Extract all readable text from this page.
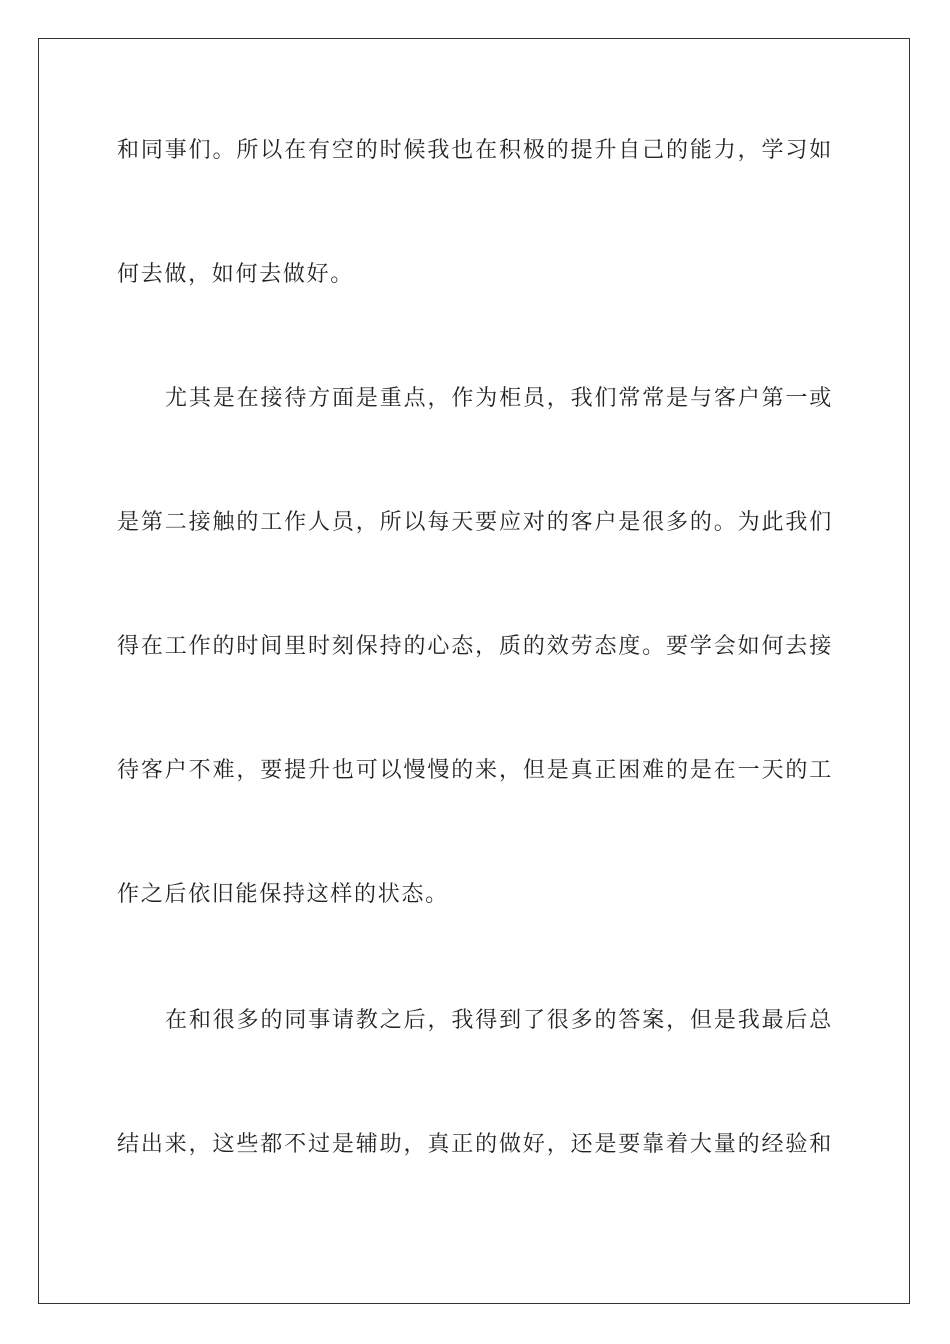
和同事们。所以在有空的时候我也在积极的提升自己的能力，学习如
何去做，如何去做好。
尤其是在接待方面是重点，作为柜员，我们常常是与客户第一或
是第二接触的工作人员，所以每天要应对的客户是很多的。为此我们
得在工作的时间里时刻保持的心态，质的效劳态度。要学会如何去接
待客户不难，要提升也可以慢慢的来，但是真正困难的是在一天的工
作之后依旧能保持这样的状态。
在和很多的同事请教之后，我得到了很多的答案，但是我最后总
结出来，这些都不过是辅助，真正的做好，还是要靠着大量的经验和
